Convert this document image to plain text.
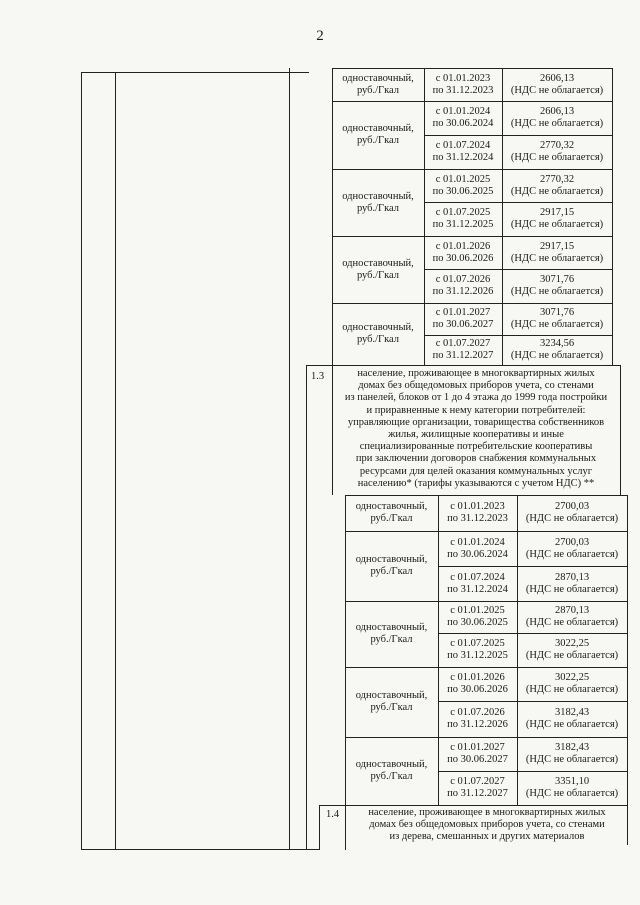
2
одноставочный,
руб./Гкал
с 01.01.2023
по 31.12.2023
2606,13
(НДС не облагается)
одноставочный,
руб./Гкал
с 01.01.2024
по 30.06.2024
2606,13
(НДС не облагается)
с 01.07.2024
по 31.12.2024
2770,32
(НДС не облагается)
одноставочный,
руб./Гкал
с 01.01.2025
по 30.06.2025
2770,32
(НДС не облагается)
с 01.07.2025
по 31.12.2025
2917,15
(НДС не облагается)
одноставочный,
руб./Гкал
с 01.01.2026
по 30.06.2026
2917,15
(НДС не облагается)
с 01.07.2026
по 31.12.2026
3071,76
(НДС не облагается)
одноставочный,
руб./Гкал
с 01.01.2027
по 30.06.2027
3071,76
(НДС не облагается)
с 01.07.2027
по 31.12.2027
3234,56
(НДС не облагается)
одноставочный,
руб./Гкал
с 01.01.2023
по 31.12.2023
2700,03
(НДС не облагается)
одноставочный,
руб./Гкал
с 01.01.2024
по 30.06.2024
2700,03
(НДС не облагается)
с 01.07.2024
по 31.12.2024
2870,13
(НДС не облагается)
одноставочный,
руб./Гкал
с 01.01.2025
по 30.06.2025
2870,13
(НДС не облагается)
с 01.07.2025
по 31.12.2025
3022,25
(НДС не облагается)
одноставочный,
руб./Гкал
с 01.01.2026
по 30.06.2026
3022,25
(НДС не облагается)
с 01.07.2026
по 31.12.2026
3182,43
(НДС не облагается)
одноставочный,
руб./Гкал
с 01.01.2027
по 30.06.2027
3182,43
(НДС не облагается)
с 01.07.2027
по 31.12.2027
3351,10
(НДС не облагается)
1.3	население, проживающее в многоквартирных жилых
домах без общедомовых приборов учета, со стенами
из панелей, блоков от 1 до 4 этажа до 1999 года постройки
и приравненные к нему категории потребителей:
управляющие организации, товарищества собственников
жилья, жилищные кооперативы и иные
специализированные потребительские кооперативы
при заключении договоров снабжения коммунальных
ресурсами для целей оказания коммунальных услуг
населению* (тарифы указываются с учетом НДС) **
1.4	население, проживающее в многоквартирных жилых
домах без общедомовых приборов учета, со стенами
из дерева, смешанных и других материалов
